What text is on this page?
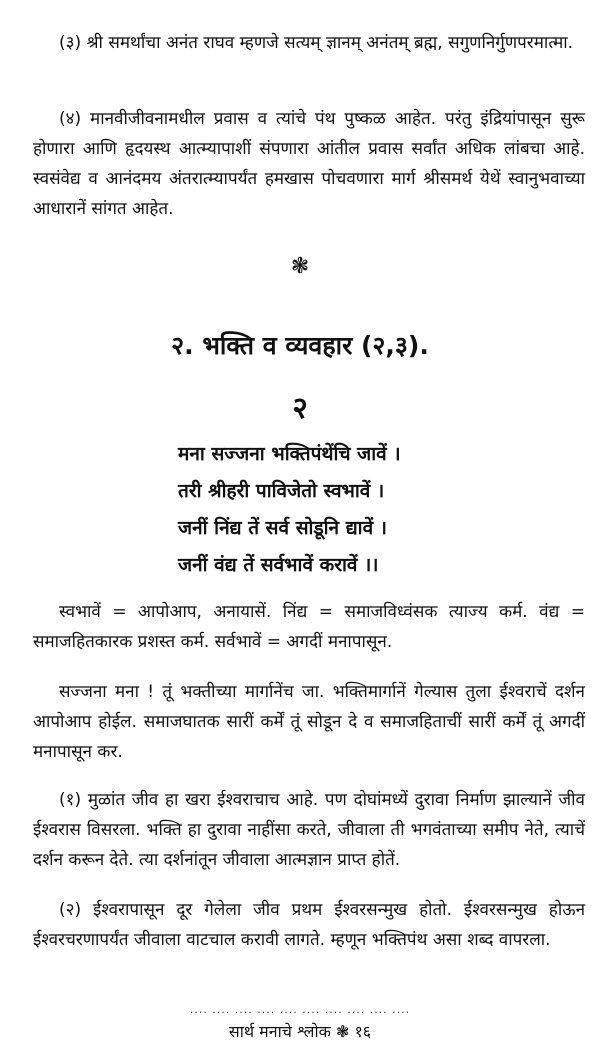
(३) श्री समर्थांचा अनंत राघव म्हणजे सत्यम् ज्ञानम् अनंतम् ब्रह्म, सगुणनिर्गुणपरमात्मा.

(४) मानवीजीवनामधील प्रवास व त्यांचे पंथ पुष्कळ आहेत. परंतु इंद्रियांपासून सुरू होणारा आणि हृदयस्थ आत्म्यापाशीं संपणारा आंतील प्रवास सर्वांत अधिक लांबचा आहे. स्वसंवेद्य व आनंदमय अंतरात्म्यापर्यंत हमखास पोचवणारा मार्ग श्रीसमर्थ येथें स्वानुभवाच्या आधारानें सांगत आहेत.

❃
२. भक्ति व व्यवहार (२,३).
२
मना सज्जना भक्तिपंथेंचि जावें ।
तरी श्रीहरी पाविजेतो स्वभावें ।
जनीं निंद्य तें सर्व सोडूनि द्यावें ।
जनीं वंद्य तें सर्वभावें करावें ।।

स्वभावें = आपोआप, अनायासें. निंद्य = समाजविध्वंसक त्याज्य कर्म. वंद्य = समाजहितकारक प्रशस्त कर्म. सर्वभावें = अगदीं मनापासून.

सज्जना मना ! तूं भक्तीच्या मार्गानेंच जा. भक्तिमार्गानें गेल्यास तुला ईश्वराचें दर्शन आपोआप होईल. समाजघातक सारीं कर्में तूं सोडून दे व समाजहिताचीं सारीं कर्में तूं अगदीं मनापासून कर.

(१) मुळांत जीव हा खरा ईश्वराचाच आहे. पण दोघांमध्यें दुरावा निर्माण झाल्यानें जीव ईश्वरास विसरला. भक्ति हा दुरावा नाहींसा करते, जीवाला ती भगवंताच्या समीप नेते, त्याचें दर्शन करून देते. त्या दर्शनांतून जीवाला आत्मज्ञान प्राप्त होतें.

(२) ईश्वरापासून दूर गेलेला जीव प्रथम ईश्वरसन्मुख होतो. ईश्वरसन्मुख होऊन ईश्वरचरणापर्यंत जीवाला वाटचाल करावी लागते. म्हणून भक्तिपंथ असा शब्द वापरला.

.... .... .... .... .... .... .... .... .... ....
सार्थ मनाचे श्लोक ❃ १६
